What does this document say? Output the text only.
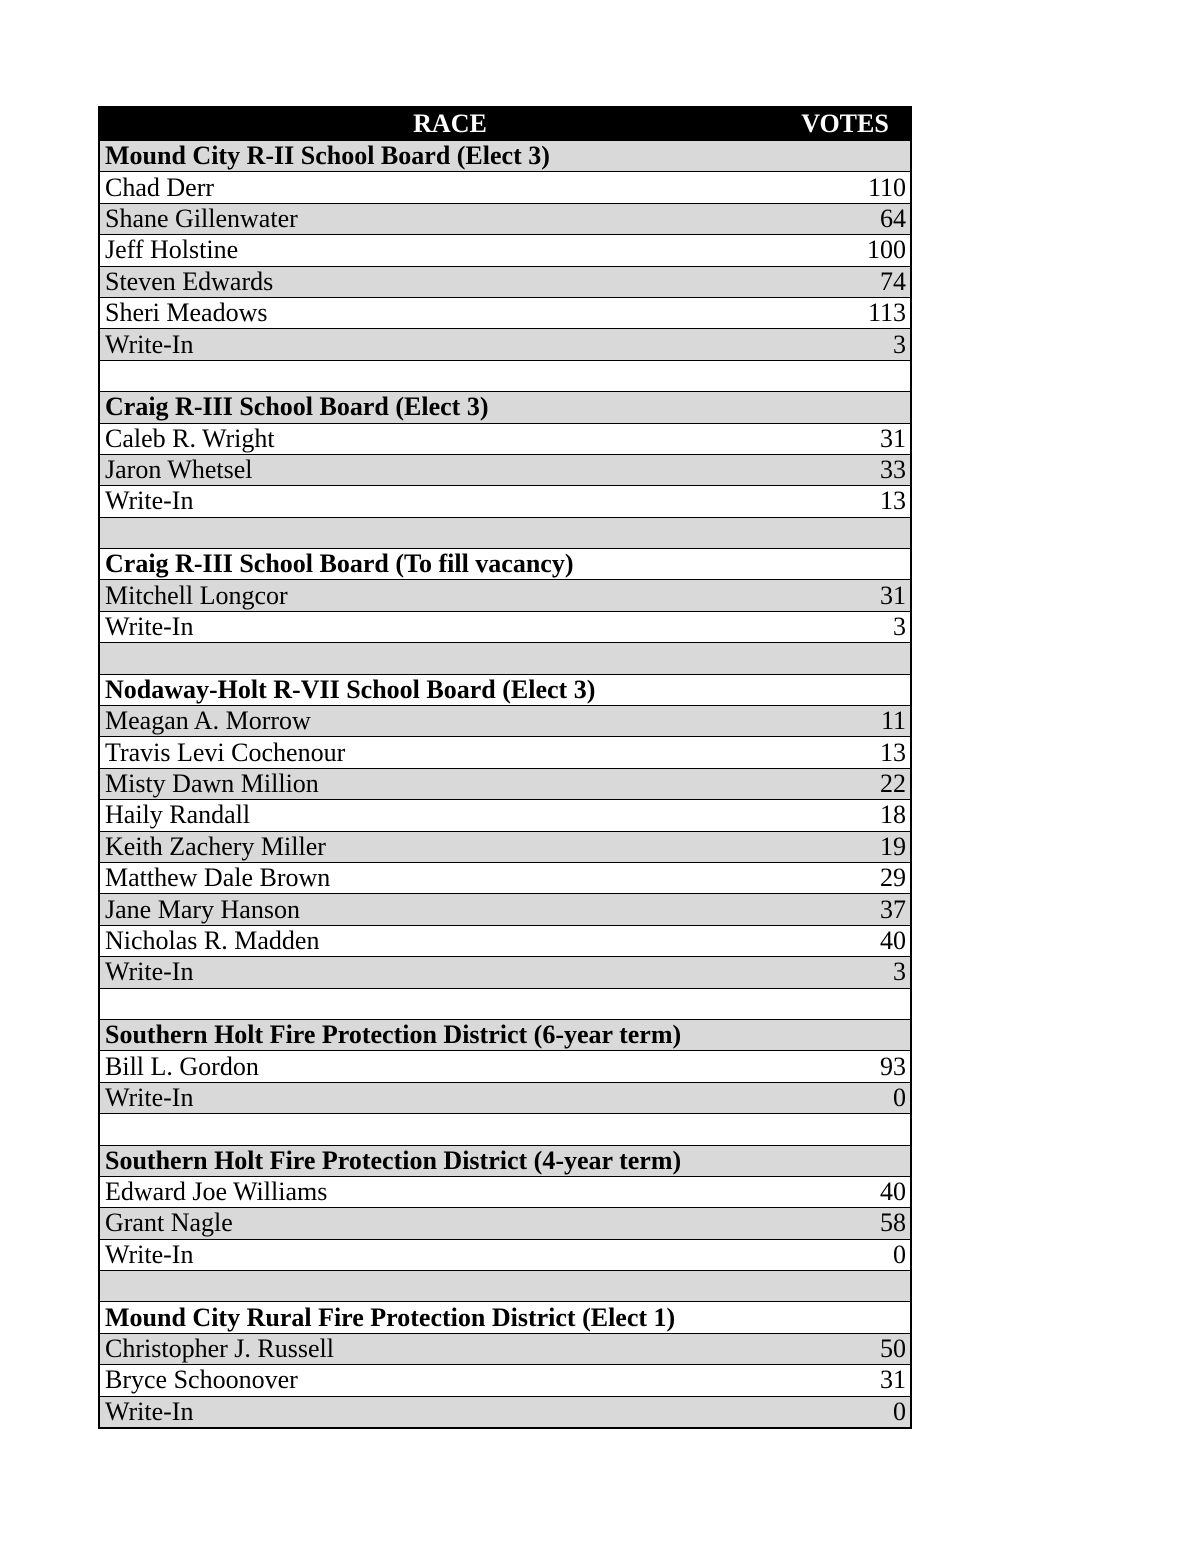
RACE	VOTES
Mound City R-II School Board (Elect 3)
Chad Derr	110
Shane Gillenwater	64
Jeff Holstine	100
Steven Edwards	74
Sheri Meadows	113
Write-In	3
Craig R-III School Board (Elect 3)
Caleb R. Wright	31
Jaron Whetsel	33
Write-In	13
Craig R-III School Board (To fill vacancy)
Mitchell Longcor	31
Write-In	3
Nodaway-Holt R-VII School Board (Elect 3)
Meagan A. Morrow	11
Travis Levi Cochenour	13
Misty Dawn Million	22
Haily Randall	18
Keith Zachery Miller	19
Matthew Dale Brown	29
Jane Mary Hanson	37
Nicholas R. Madden	40
Write-In	3
Southern Holt Fire Protection District (6-year term)
Bill L. Gordon	93
Write-In	0
Southern Holt Fire Protection District (4-year term)
Edward Joe Williams	40
Grant Nagle	58
Write-In	0
Mound City Rural Fire Protection District (Elect 1)
Christopher J. Russell	50
Bryce Schoonover	31
Write-In	0
